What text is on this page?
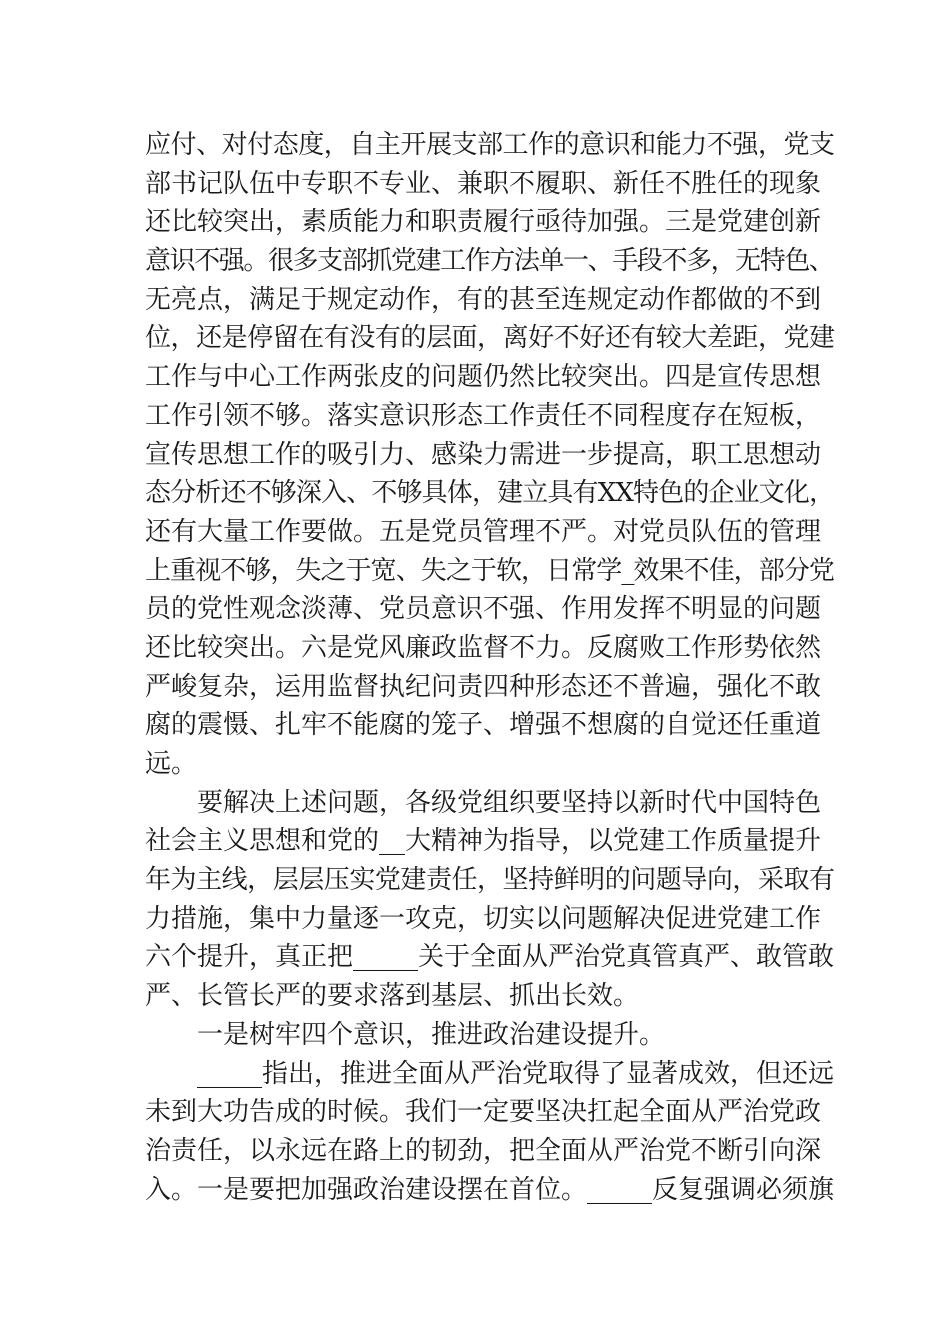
应付、对付态度，自主开展支部工作的意识和能力不强，党支
部书记队伍中专职不专业、兼职不履职、新任不胜任的现象
还比较突出，素质能力和职责履行亟待加强。三是党建创新
意识不强。很多支部抓党建工作方法单一、手段不多，无特色、
无亮点，满足于规定动作，有的甚至连规定动作都做的不到
位，还是停留在有没有的层面，离好不好还有较大差距，党建
工作与中心工作两张皮的问题仍然比较突出。四是宣传思想
工作引领不够。落实意识形态工作责任不同程度存在短板，
宣传思想工作的吸引力、感染力需进一步提高，职工思想动
态分析还不够深入、不够具体，建立具有XX特色的企业文化，
还有大量工作要做。五是党员管理不严。对党员队伍的管理
上重视不够，失之于宽、失之于软，日常学_效果不佳，部分党
员的党性观念淡薄、党员意识不强、作用发挥不明显的问题
还比较突出。六是党风廉政监督不力。反腐败工作形势依然
严峻复杂，运用监督执纪问责四种形态还不普遍，强化不敢
腐的震慑、扎牢不能腐的笼子、增强不想腐的自觉还任重道
远。
　　要解决上述问题，各级党组织要坚持以新时代中国特色
社会主义思想和党的__大精神为指导，以党建工作质量提升
年为主线，层层压实党建责任，坚持鲜明的问题导向，采取有
力措施，集中力量逐一攻克，切实以问题解决促进党建工作
六个提升，真正把_____关于全面从严治党真管真严、敢管敢
严、长管长严的要求落到基层、抓出长效。
　　一是树牢四个意识，推进政治建设提升。
　　_____指出，推进全面从严治党取得了显著成效，但还远
未到大功告成的时候。我们一定要坚决扛起全面从严治党政
治责任，以永远在路上的韧劲，把全面从严治党不断引向深
入。一是要把加强政治建设摆在首位。_____反复强调必须旗
